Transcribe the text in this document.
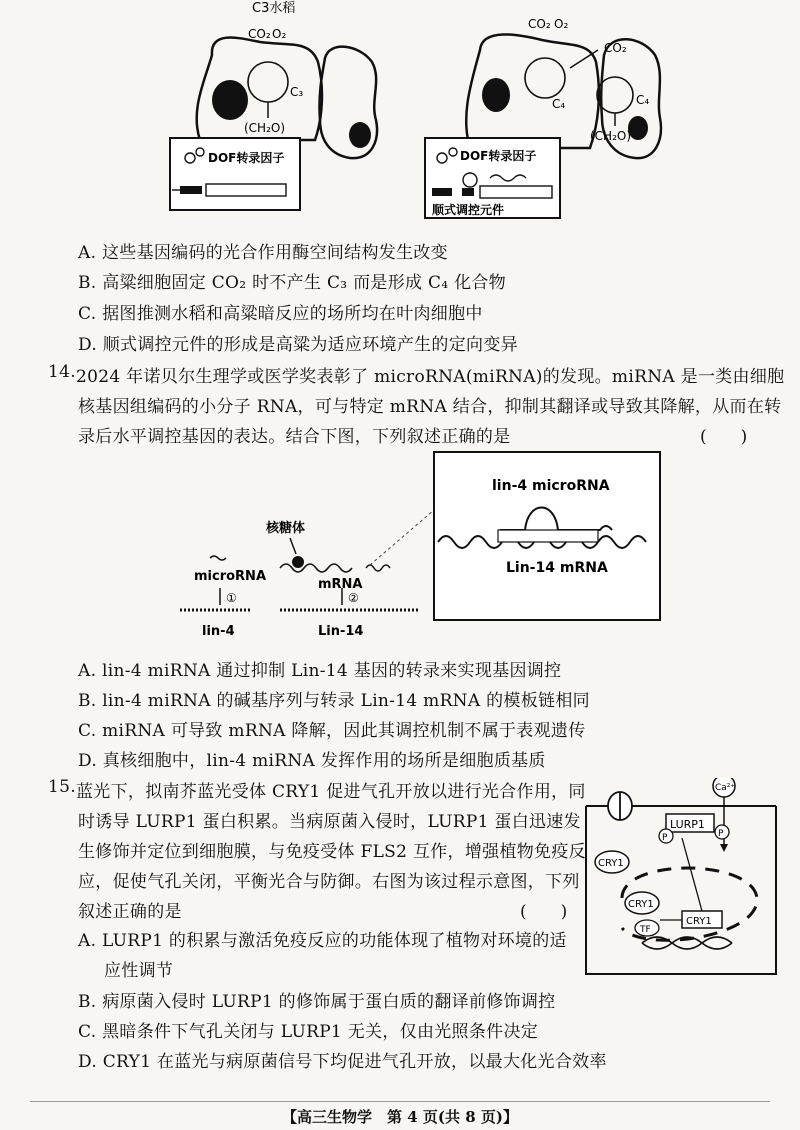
C3水稻
CO₂ O₂
C₃
(CH₂O)
DOF转录因子
CO₂ O₂
C₄
CO₂
C₄
(CH₂O)
DOF转录因子
顺式调控元件
A. 这些基因编码的光合作用酶空间结构发生改变
B. 高粱细胞固定 CO₂ 时不产生 C₃ 而是形成 C₄ 化合物
C. 据图推测水稻和高粱暗反应的场所均在叶肉细胞中
D. 顺式调控元件的形成是高粱为适应环境产生的定向变异
14. 2024 年诺贝尔生理学或医学奖表彰了 microRNA(miRNA)的发现。miRNA 是一类由细胞
核基因组编码的小分子 RNA，可与特定 mRNA 结合，抑制其翻译或导致其降解，从而在转
录后水平调控基因的表达。结合下图，下列叙述正确的是	(　　)
lin-4 microRNA
Lin-14 mRNA
lin-4	Lin-14
①	②
microRNA
mRNA
核糖体
A. lin-4 miRNA 通过抑制 Lin-14 基因的转录来实现基因调控
B. lin-4 miRNA 的碱基序列与转录 Lin-14 mRNA 的模板链相同
C. miRNA 可导致 mRNA 降解，因此其调控机制不属于表观遗传
D. 真核细胞中，lin-4 miRNA 发挥作用的场所是细胞质基质
15. 蓝光下，拟南芥蓝光受体 CRY1 促进气孔开放以进行光合作用，同
时诱导 LURP1 蛋白积累。当病原菌入侵时，LURP1 蛋白迅速发
生修饰并定位到细胞膜，与免疫受体 FLS2 互作，增强植物免疫反
应，促使气孔关闭，平衡光合与防御。右图为该过程示意图，下列
叙述正确的是	(　　)
Ca²⁺
LURP1
P	P
CRY1
CRY1
TF
CRY1
A. LURP1 的积累与激活免疫反应的功能体现了植物对环境的适
应性调节
B. 病原菌入侵时 LURP1 的修饰属于蛋白质的翻译前修饰调控
C. 黑暗条件下气孔关闭与 LURP1 无关，仅由光照条件决定
D. CRY1 在蓝光与病原菌信号下均促进气孔开放，以最大化光合效率
【高三生物学　第 4 页(共 8 页)】
